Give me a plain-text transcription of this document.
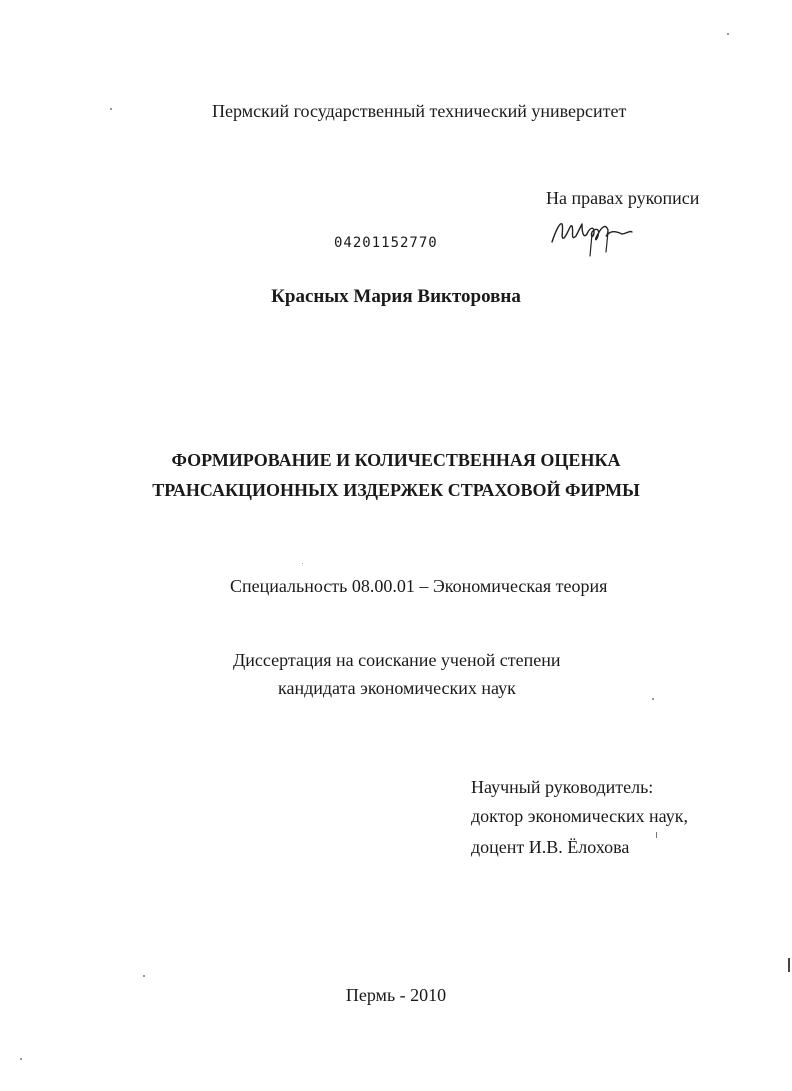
Пермский государственный технический университет
На правах рукописи
04201152770
Красных Мария Викторовна
ФОРМИРОВАНИЕ И КОЛИЧЕСТВЕННАЯ ОЦЕНКА
ТРАНСАКЦИОННЫХ ИЗДЕРЖЕК СТРАХОВОЙ ФИРМЫ
Специальность 08.00.01 – Экономическая теория
Диссертация на соискание ученой степени
кандидата экономических наук
Научный руководитель:
доктор экономических наук,
доцент И.В. Ёлохова
Пермь - 2010
